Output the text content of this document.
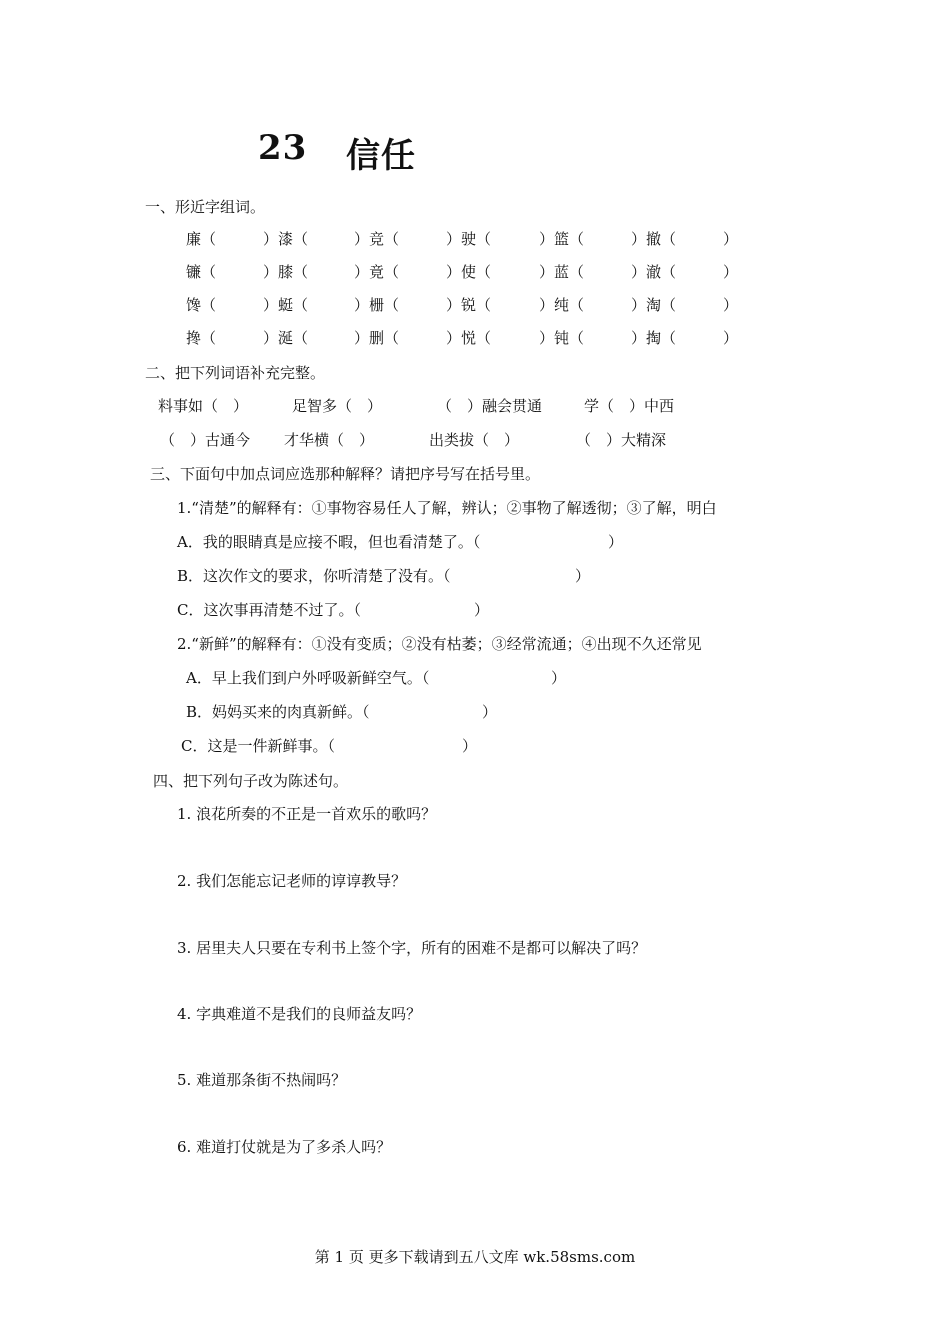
23 信任
一、形近字组词。
廉（	）漆（	）竞（	）驶（	）篮（	）撤（	）
镰（	）膝（	）竟（	）使（	）蓝（	）澈（	）
馋（	）蜓（	）栅（	）锐（	）纯（	）淘（	）
搀（	）涎（	）删（	）悦（	）钝（	）掏（	）
二、把下列词语补充完整。
料事如（　）	足智多（　）	（　）融会贯通	学（　）中西
（　）古通今 才华横（　）	出类拔（　）	（　）大精深
三、下面句中加点词应选那种解释？请把序号写在括号里。
1.“清楚”的解释有：①事物容易任人了解，辨认；②事物了解透彻；③了解，明白
A．我的眼睛真是应接不暇，但也看清楚了。（	）
B．这次作文的要求，你听清楚了没有。（	）
C．这次事再清楚不过了。（	）
2.“新鲜”的解释有：①没有变质；②没有枯萎；③经常流通；④出现不久还常见
A．早上我们到户外呼吸新鲜空气。（	）
B．妈妈买来的肉真新鲜。（	）
C．这是一件新鲜事。（	）
四、把下列句子改为陈述句。
1. 浪花所奏的不正是一首欢乐的歌吗？
2. 我们怎能忘记老师的谆谆教导？
3. 居里夫人只要在专利书上签个字，所有的困难不是都可以解决了吗？
4. 字典难道不是我们的良师益友吗？
5. 难道那条街不热闹吗？
6. 难道打仗就是为了多杀人吗？
第 1 页 更多下载请到五八文库 wk.58sms.com
